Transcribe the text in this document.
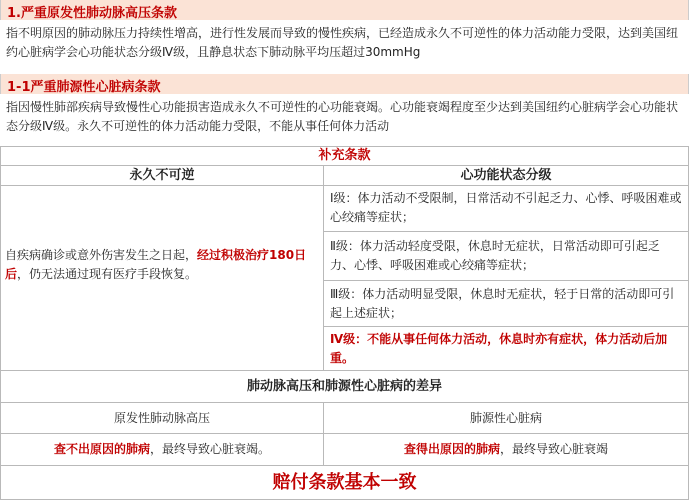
1.严重原发性肺动脉高压条款
指不明原因的肺动脉压力持续性增高，进行性发展而导致的慢性疾病，已经造成永久不可逆性的体力活动能力受限，达到美国纽约心脏病学会心功能状态分级Ⅳ级，且静息状态下肺动脉平均压超过30mmHg
1-1严重肺源性心脏病条款
指因慢性肺部疾病导致慢性心功能损害造成永久不可逆性的心功能衰竭。心功能衰竭程度至少达到美国纽约心脏病学会心功能状态分级Ⅳ级。永久不可逆性的体力活动能力受限，不能从事任何体力活动
补充条款
永久不可逆	心功能状态分级
自疾病确诊或意外伤害发生之日起，经过积极治疗180日后，仍无法通过现有医疗手段恢复。
Ⅰ级：体力活动不受限制，日常活动不引起乏力、心悸、呼吸困难或心绞痛等症状；
Ⅱ级：体力活动轻度受限，休息时无症状，日常活动即可引起乏力、心悸、呼吸困难或心绞痛等症状；
Ⅲ级：体力活动明显受限，休息时无症状，轻于日常的活动即可引起上述症状；
Ⅳ级：不能从事任何体力活动，休息时亦有症状，体力活动后加重。
肺动脉高压和肺源性心脏病的差异
原发性肺动脉高压	肺源性心脏病
查不出原因的肺病，最终导致心脏衰竭。	查得出原因的肺病，最终导致心脏衰竭
赔付条款基本一致
